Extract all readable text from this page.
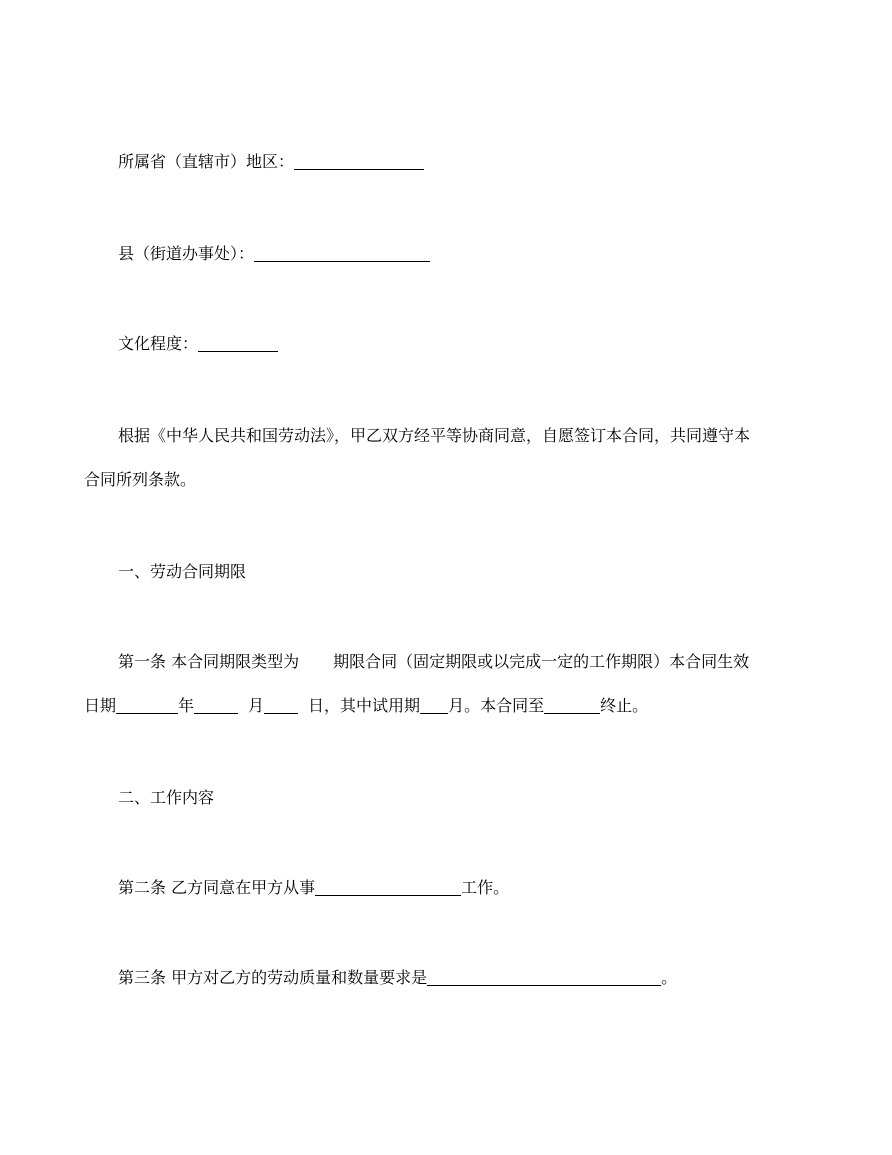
所属省（直辖市）地区：
县（街道办事处）：
文化程度：
根据《中华人民共和国劳动法》，甲乙双方经平等协商同意，自愿签订本合同，共同遵守本
合同所列条款。
一、劳动合同期限
第一条 本合同期限类型为 期限合同（固定期限或以完成一定的工作期限）本合同生效
日期	年	月	日，其中试用期 月。本合同至	终止。
二、工作内容
第二条 乙方同意在甲方从事	工作。
第三条 甲方对乙方的劳动质量和数量要求是	。
